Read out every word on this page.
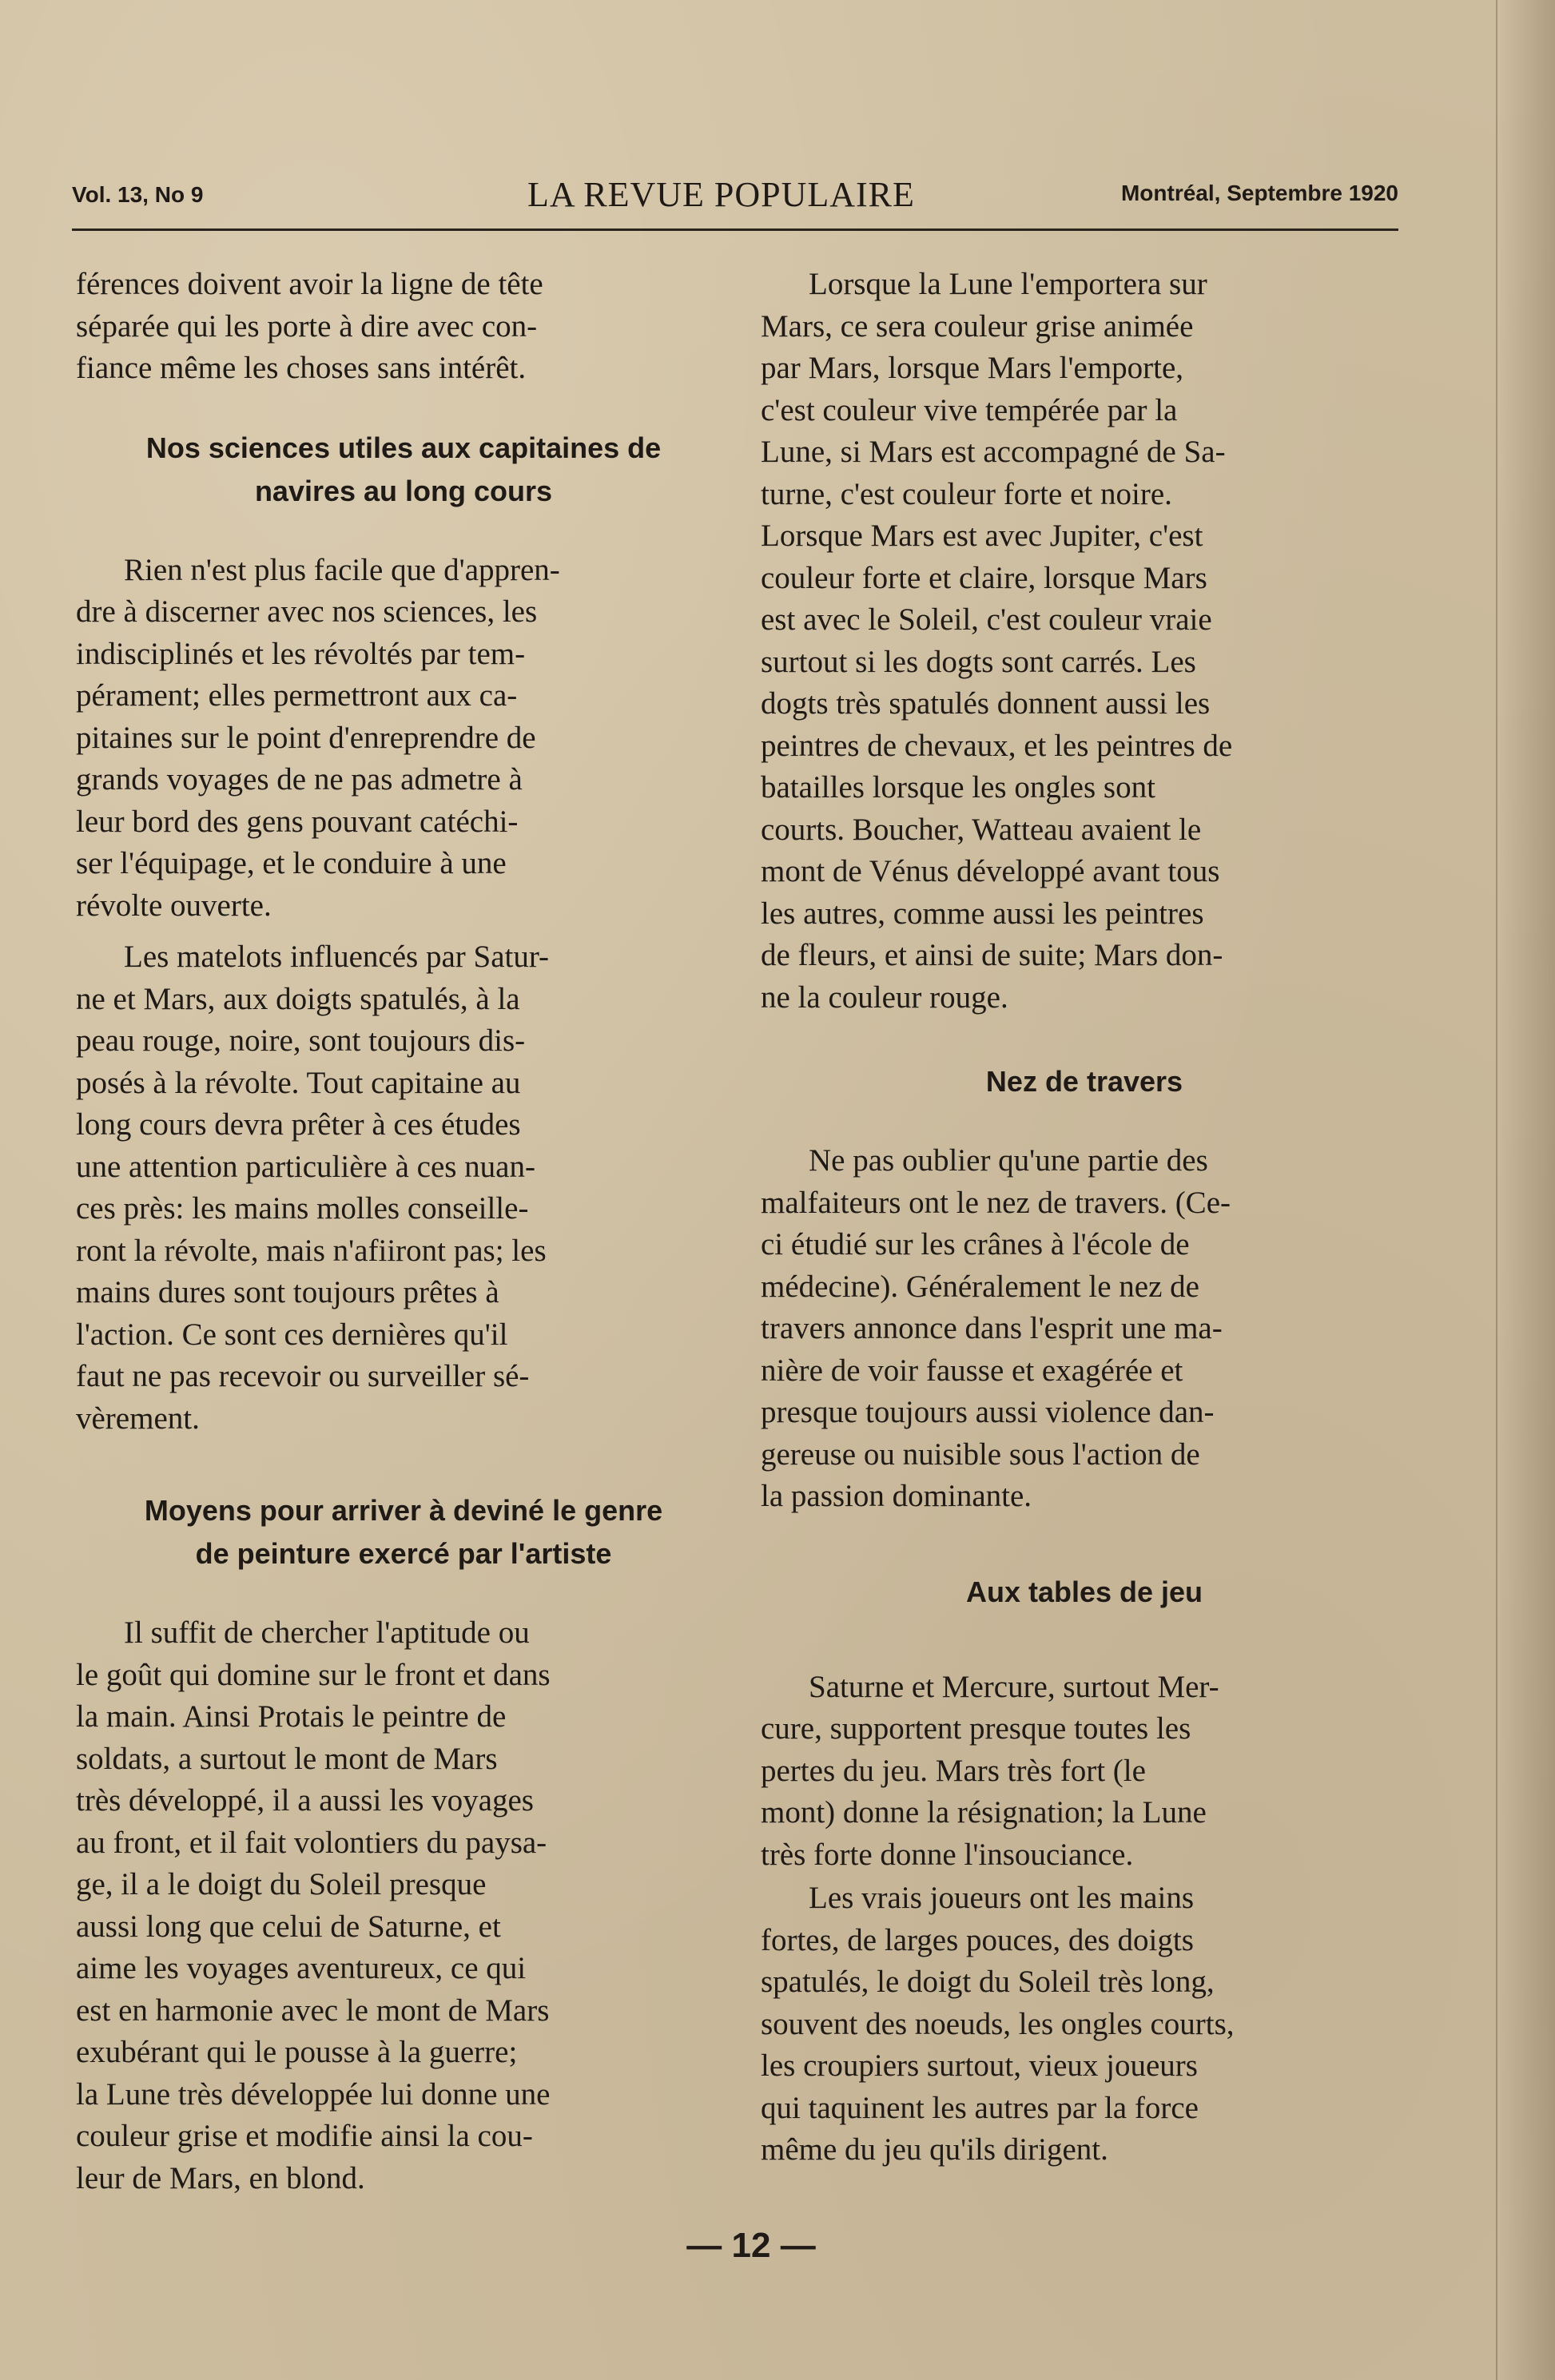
Vol. 13, No 9	LA REVUE POPULAIRE	Montréal, Septembre 1920

férences doivent avoir la ligne de tête
séparée qui les porte à dire avec con-
fiance même les choses sans intérêt.

Nos sciences utiles aux capitaines de
navires au long cours

Rien n'est plus facile que d'appren-
dre à discerner avec nos sciences, les
indisciplinés et les révoltés par tem-
pérament; elles permettront aux ca-
pitaines sur le point d'enreprendre de
grands voyages de ne pas admetre à
leur bord des gens pouvant catéchi-
ser l'équipage, et le conduire à une
révolte ouverte.

Les matelots influencés par Satur-
ne et Mars, aux doigts spatulés, à la
peau rouge, noire, sont toujours dis-
posés à la révolte. Tout capitaine au
long cours devra prêter à ces études
une attention particulière à ces nuan-
ces près: les mains molles conseille-
ront la révolte, mais n'afiiront pas; les
mains dures sont toujours prêtes à
l'action. Ce sont ces dernières qu'il
faut ne pas recevoir ou surveiller sé-
vèrement.

Moyens pour arriver à deviné le genre
de peinture exercé par l'artiste

Il suffit de chercher l'aptitude ou
le goût qui domine sur le front et dans
la main. Ainsi Protais le peintre de
soldats, a surtout le mont de Mars
très développé, il a aussi les voyages
au front, et il fait volontiers du paysa-
ge, il a le doigt du Soleil presque
aussi long que celui de Saturne, et
aime les voyages aventureux, ce qui
est en harmonie avec le mont de Mars
exubérant qui le pousse à la guerre;
la Lune très développée lui donne une
couleur grise et modifie ainsi la cou-
leur de Mars, en blond.

Lorsque la Lune l'emportera sur
Mars, ce sera couleur grise animée
par Mars, lorsque Mars l'emporte,
c'est couleur vive tempérée par la
Lune, si Mars est accompagné de Sa-
turne, c'est couleur forte et noire.
Lorsque Mars est avec Jupiter, c'est
couleur forte et claire, lorsque Mars
est avec le Soleil, c'est couleur vraie
surtout si les dogts sont carrés. Les
dogts très spatulés donnent aussi les
peintres de chevaux, et les peintres de
batailles lorsque les ongles sont
courts. Boucher, Watteau avaient le
mont de Vénus développé avant tous
les autres, comme aussi les peintres
de fleurs, et ainsi de suite; Mars don-
ne la couleur rouge.

Nez de travers

Ne pas oublier qu'une partie des
malfaiteurs ont le nez de travers. (Ce-
ci étudié sur les crânes à l'école de
médecine). Généralement le nez de
travers annonce dans l'esprit une ma-
nière de voir fausse et exagérée et
presque toujours aussi violence dan-
gereuse ou nuisible sous l'action de
la passion dominante.

Aux tables de jeu

Saturne et Mercure, surtout Mer-
cure, supportent presque toutes les
pertes du jeu. Mars très fort (le
mont) donne la résignation; la Lune
très forte donne l'insouciance.

Les vrais joueurs ont les mains
fortes, de larges pouces, des doigts
spatulés, le doigt du Soleil très long,
souvent des noeuds, les ongles courts,
les croupiers surtout, vieux joueurs
qui taquinent les autres par la force
même du jeu qu'ils dirigent.

— 12 —
